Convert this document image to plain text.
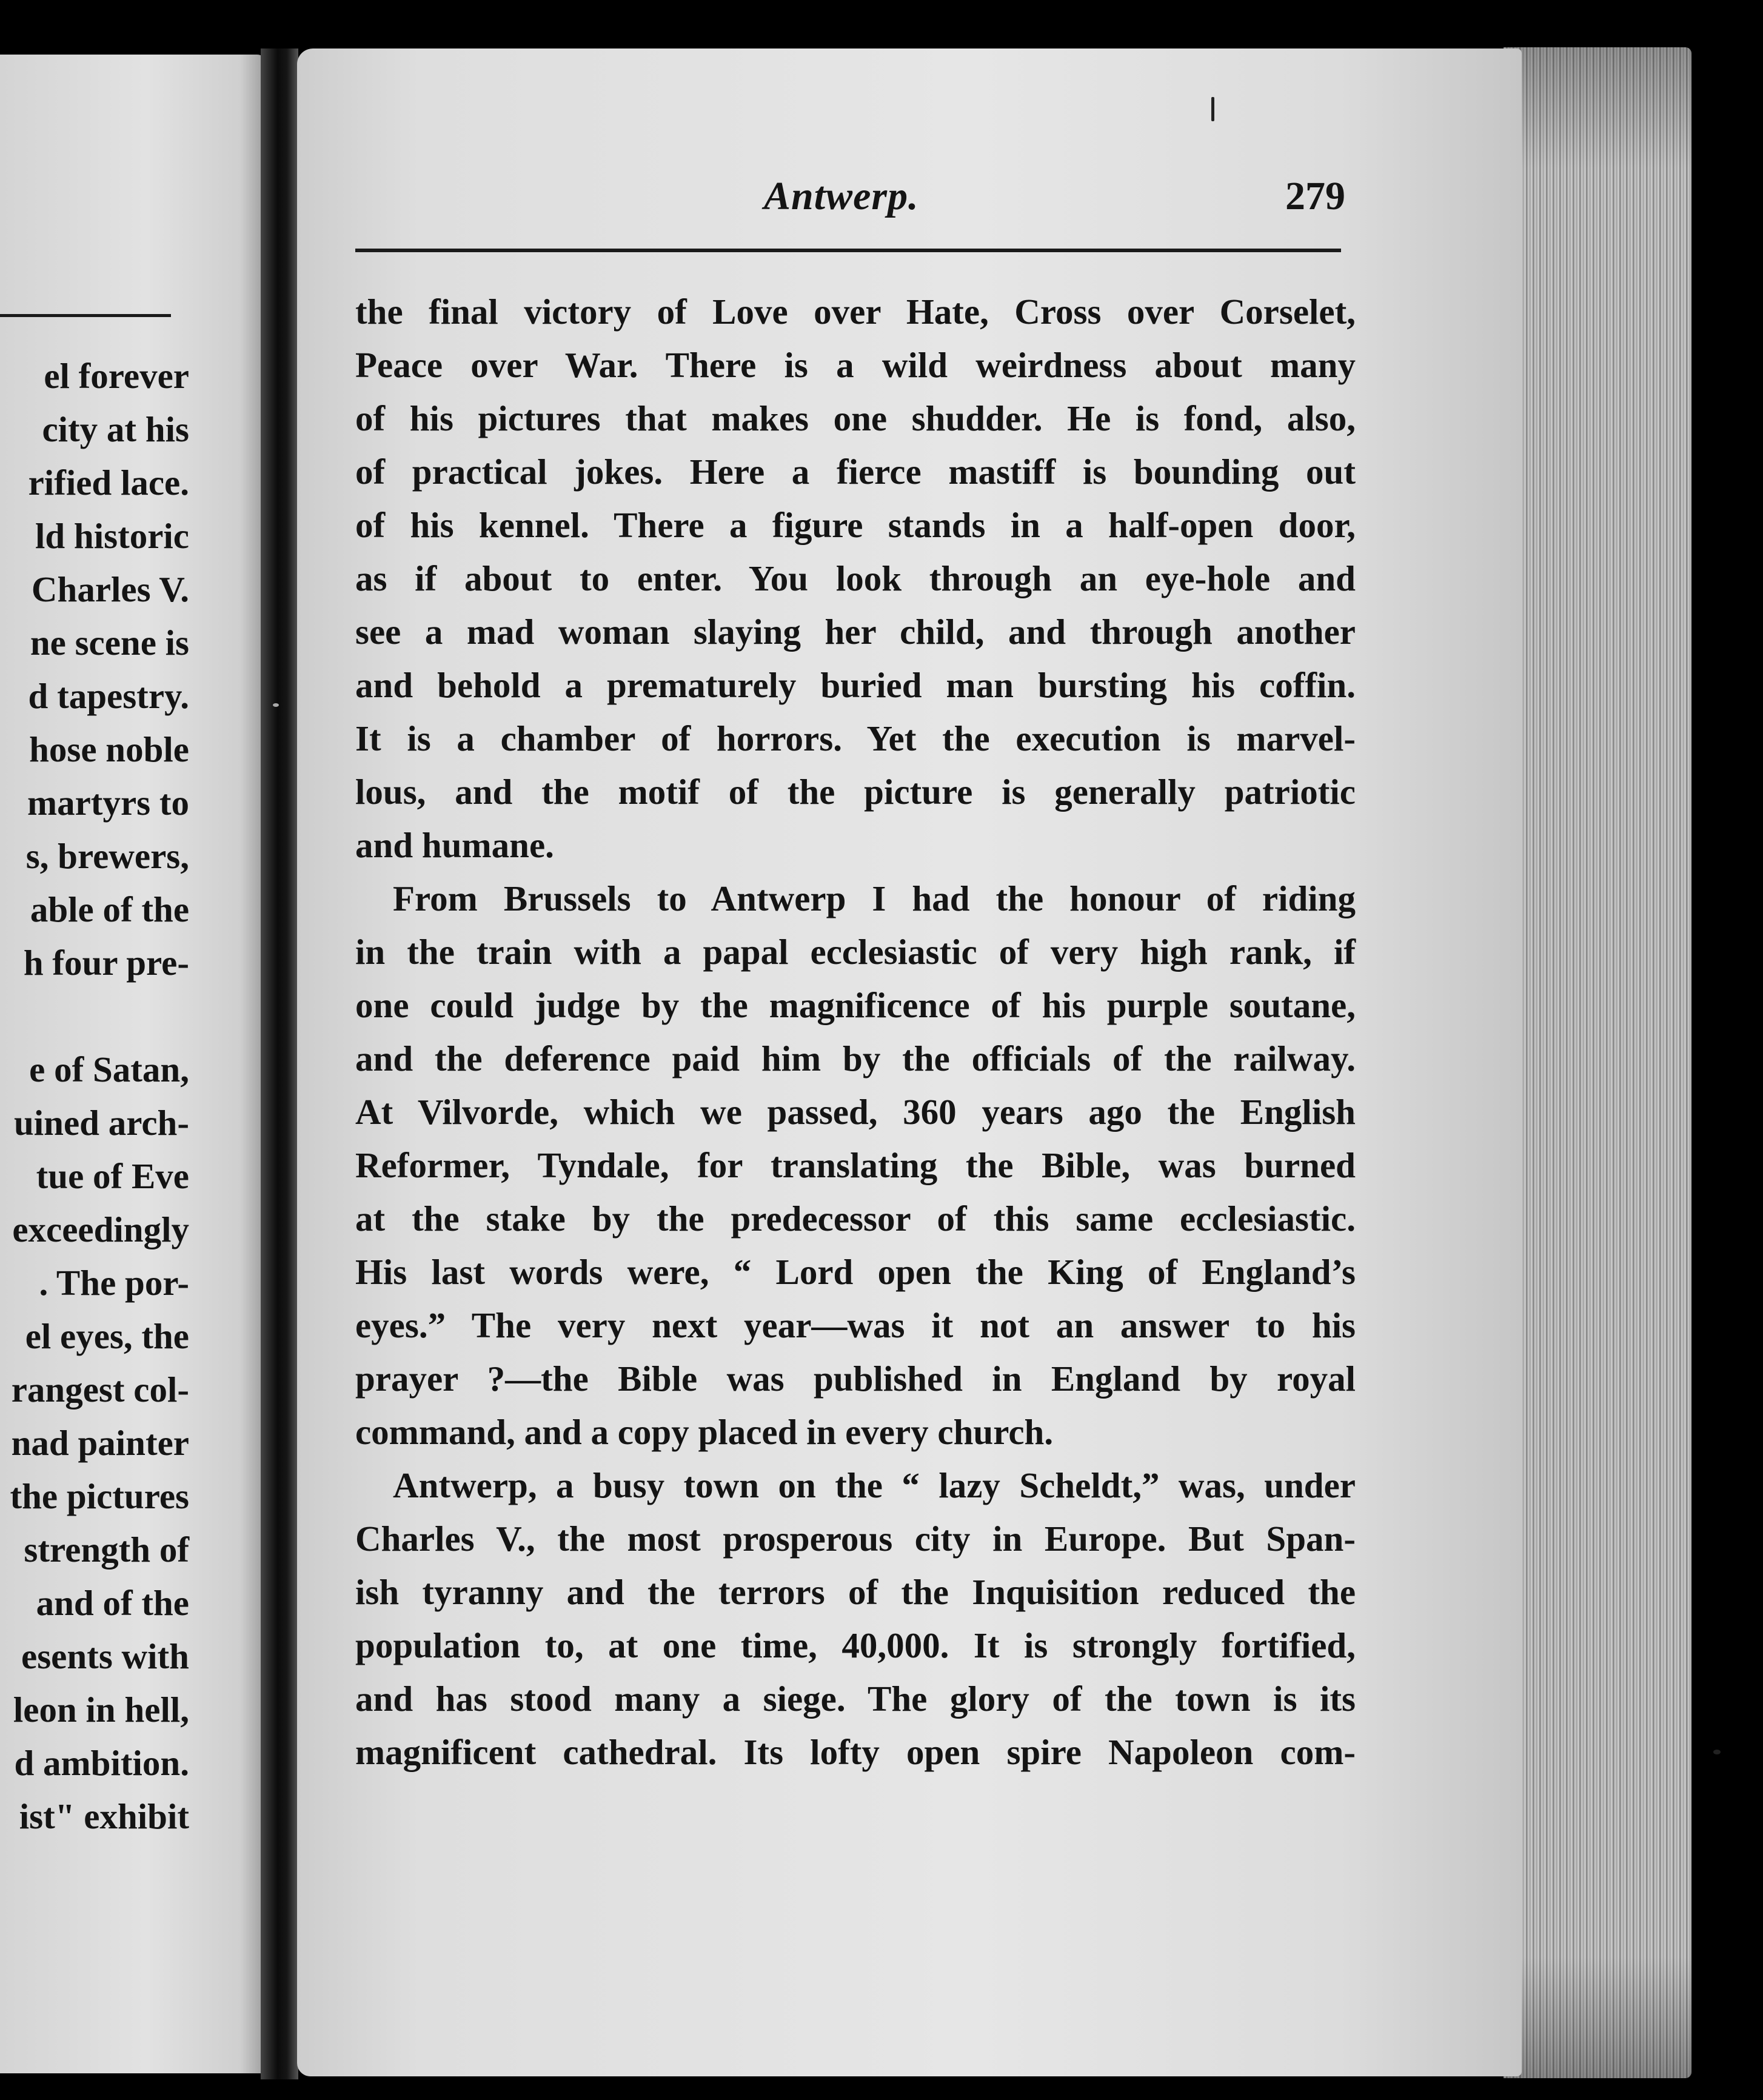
el forever
city at his
rified lace.
ld historic
Charles V.
ne scene is
d tapestry.
hose noble
martyrs to
s, brewers,
able of the
h four pre-
e of Satan,
uined arch-
tue of Eve
exceedingly
. The por-
el eyes, the
rangest col-
nad painter
the pictures
strength of
and of the
esents with
leon in hell,
d ambition.
ist" exhibit
Antwerp.	279
the final victory of Love over Hate, Cross over Corselet,
Peace over War. There is a wild weirdness about many
of his pictures that makes one shudder. He is fond, also,
of practical jokes. Here a fierce mastiff is bounding out
of his kennel. There a figure stands in a half-open door,
as if about to enter. You look through an eye-hole and
see a mad woman slaying her child, and through another
and behold a prematurely buried man bursting his coffin.
It is a chamber of horrors. Yet the execution is marvel-
lous, and the motif of the picture is generally patriotic
and humane.
From Brussels to Antwerp I had the honour of riding
in the train with a papal ecclesiastic of very high rank, if
one could judge by the magnificence of his purple soutane,
and the deference paid him by the officials of the railway.
At Vilvorde, which we passed, 360 years ago the English
Reformer, Tyndale, for translating the Bible, was burned
at the stake by the predecessor of this same ecclesiastic.
His last words were, “ Lord open the King of England’s
eyes.” The very next year—was it not an answer to his
prayer ?—the Bible was published in England by royal
command, and a copy placed in every church.
Antwerp, a busy town on the “ lazy Scheldt,” was, under
Charles V., the most prosperous city in Europe. But Span-
ish tyranny and the terrors of the Inquisition reduced the
population to, at one time, 40,000. It is strongly fortified,
and has stood many a siege. The glory of the town is its
magnificent cathedral. Its lofty open spire Napoleon com-
